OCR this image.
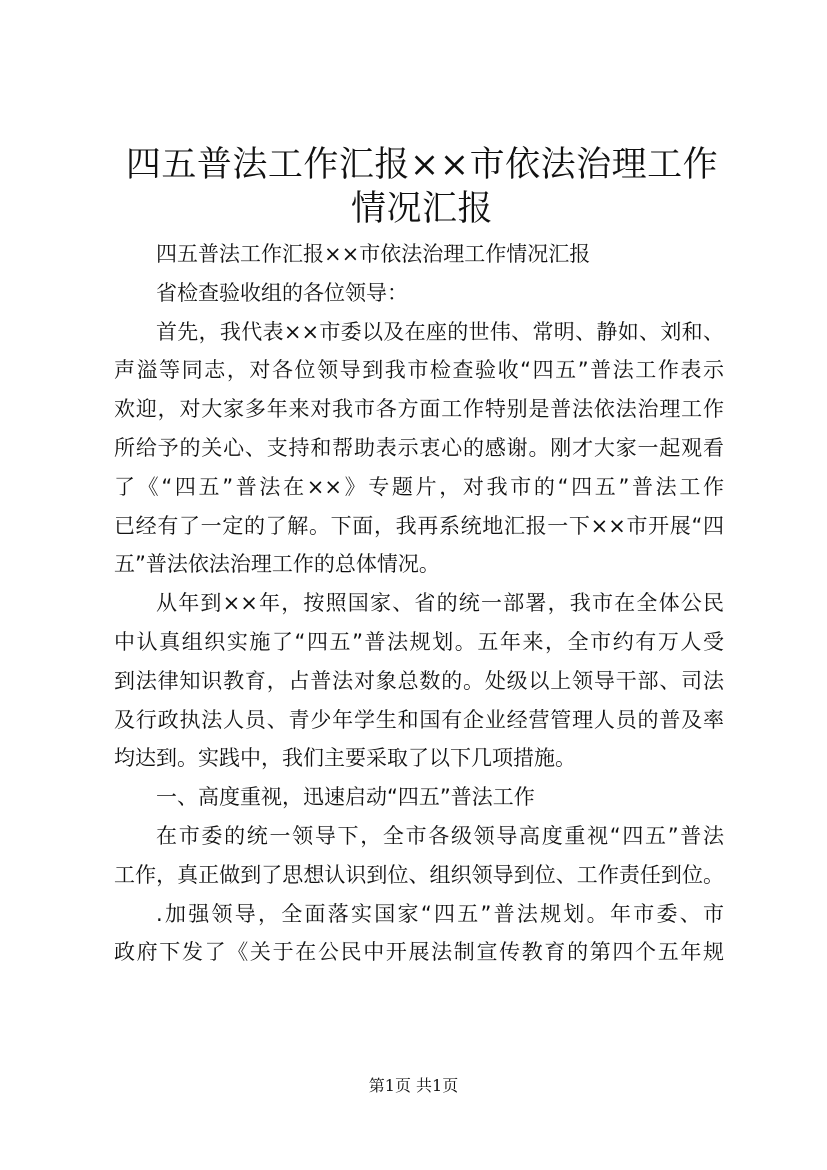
四五普法工作汇报××市依法治理工作情况汇报
四五普法工作汇报××市依法治理工作情况汇报
省检查验收组的各位领导：
首先，我代表××市委以及在座的世伟、常明、静如、刘和、
声溢等同志，对各位领导到我市检查验收“四五”普法工作表示
欢迎，对大家多年来对我市各方面工作特别是普法依法治理工作
所给予的关心、支持和帮助表示衷心的感谢。刚才大家一起观看
了《“四五”普法在××》专题片，对我市的“四五”普法工作
已经有了一定的了解。下面，我再系统地汇报一下××市开展“四
五”普法依法治理工作的总体情况。
从年到××年，按照国家、省的统一部署，我市在全体公民
中认真组织实施了“四五”普法规划。五年来，全市约有万人受
到法律知识教育，占普法对象总数的。处级以上领导干部、司法
及行政执法人员、青少年学生和国有企业经营管理人员的普及率
均达到。实践中，我们主要采取了以下几项措施。
一、高度重视，迅速启动“四五”普法工作
在市委的统一领导下，全市各级领导高度重视“四五”普法
工作，真正做到了思想认识到位、组织领导到位、工作责任到位。
.加强领导，全面落实国家“四五”普法规划。年市委、市
政府下发了《关于在公民中开展法制宣传教育的第四个五年规
第1页 共1页
